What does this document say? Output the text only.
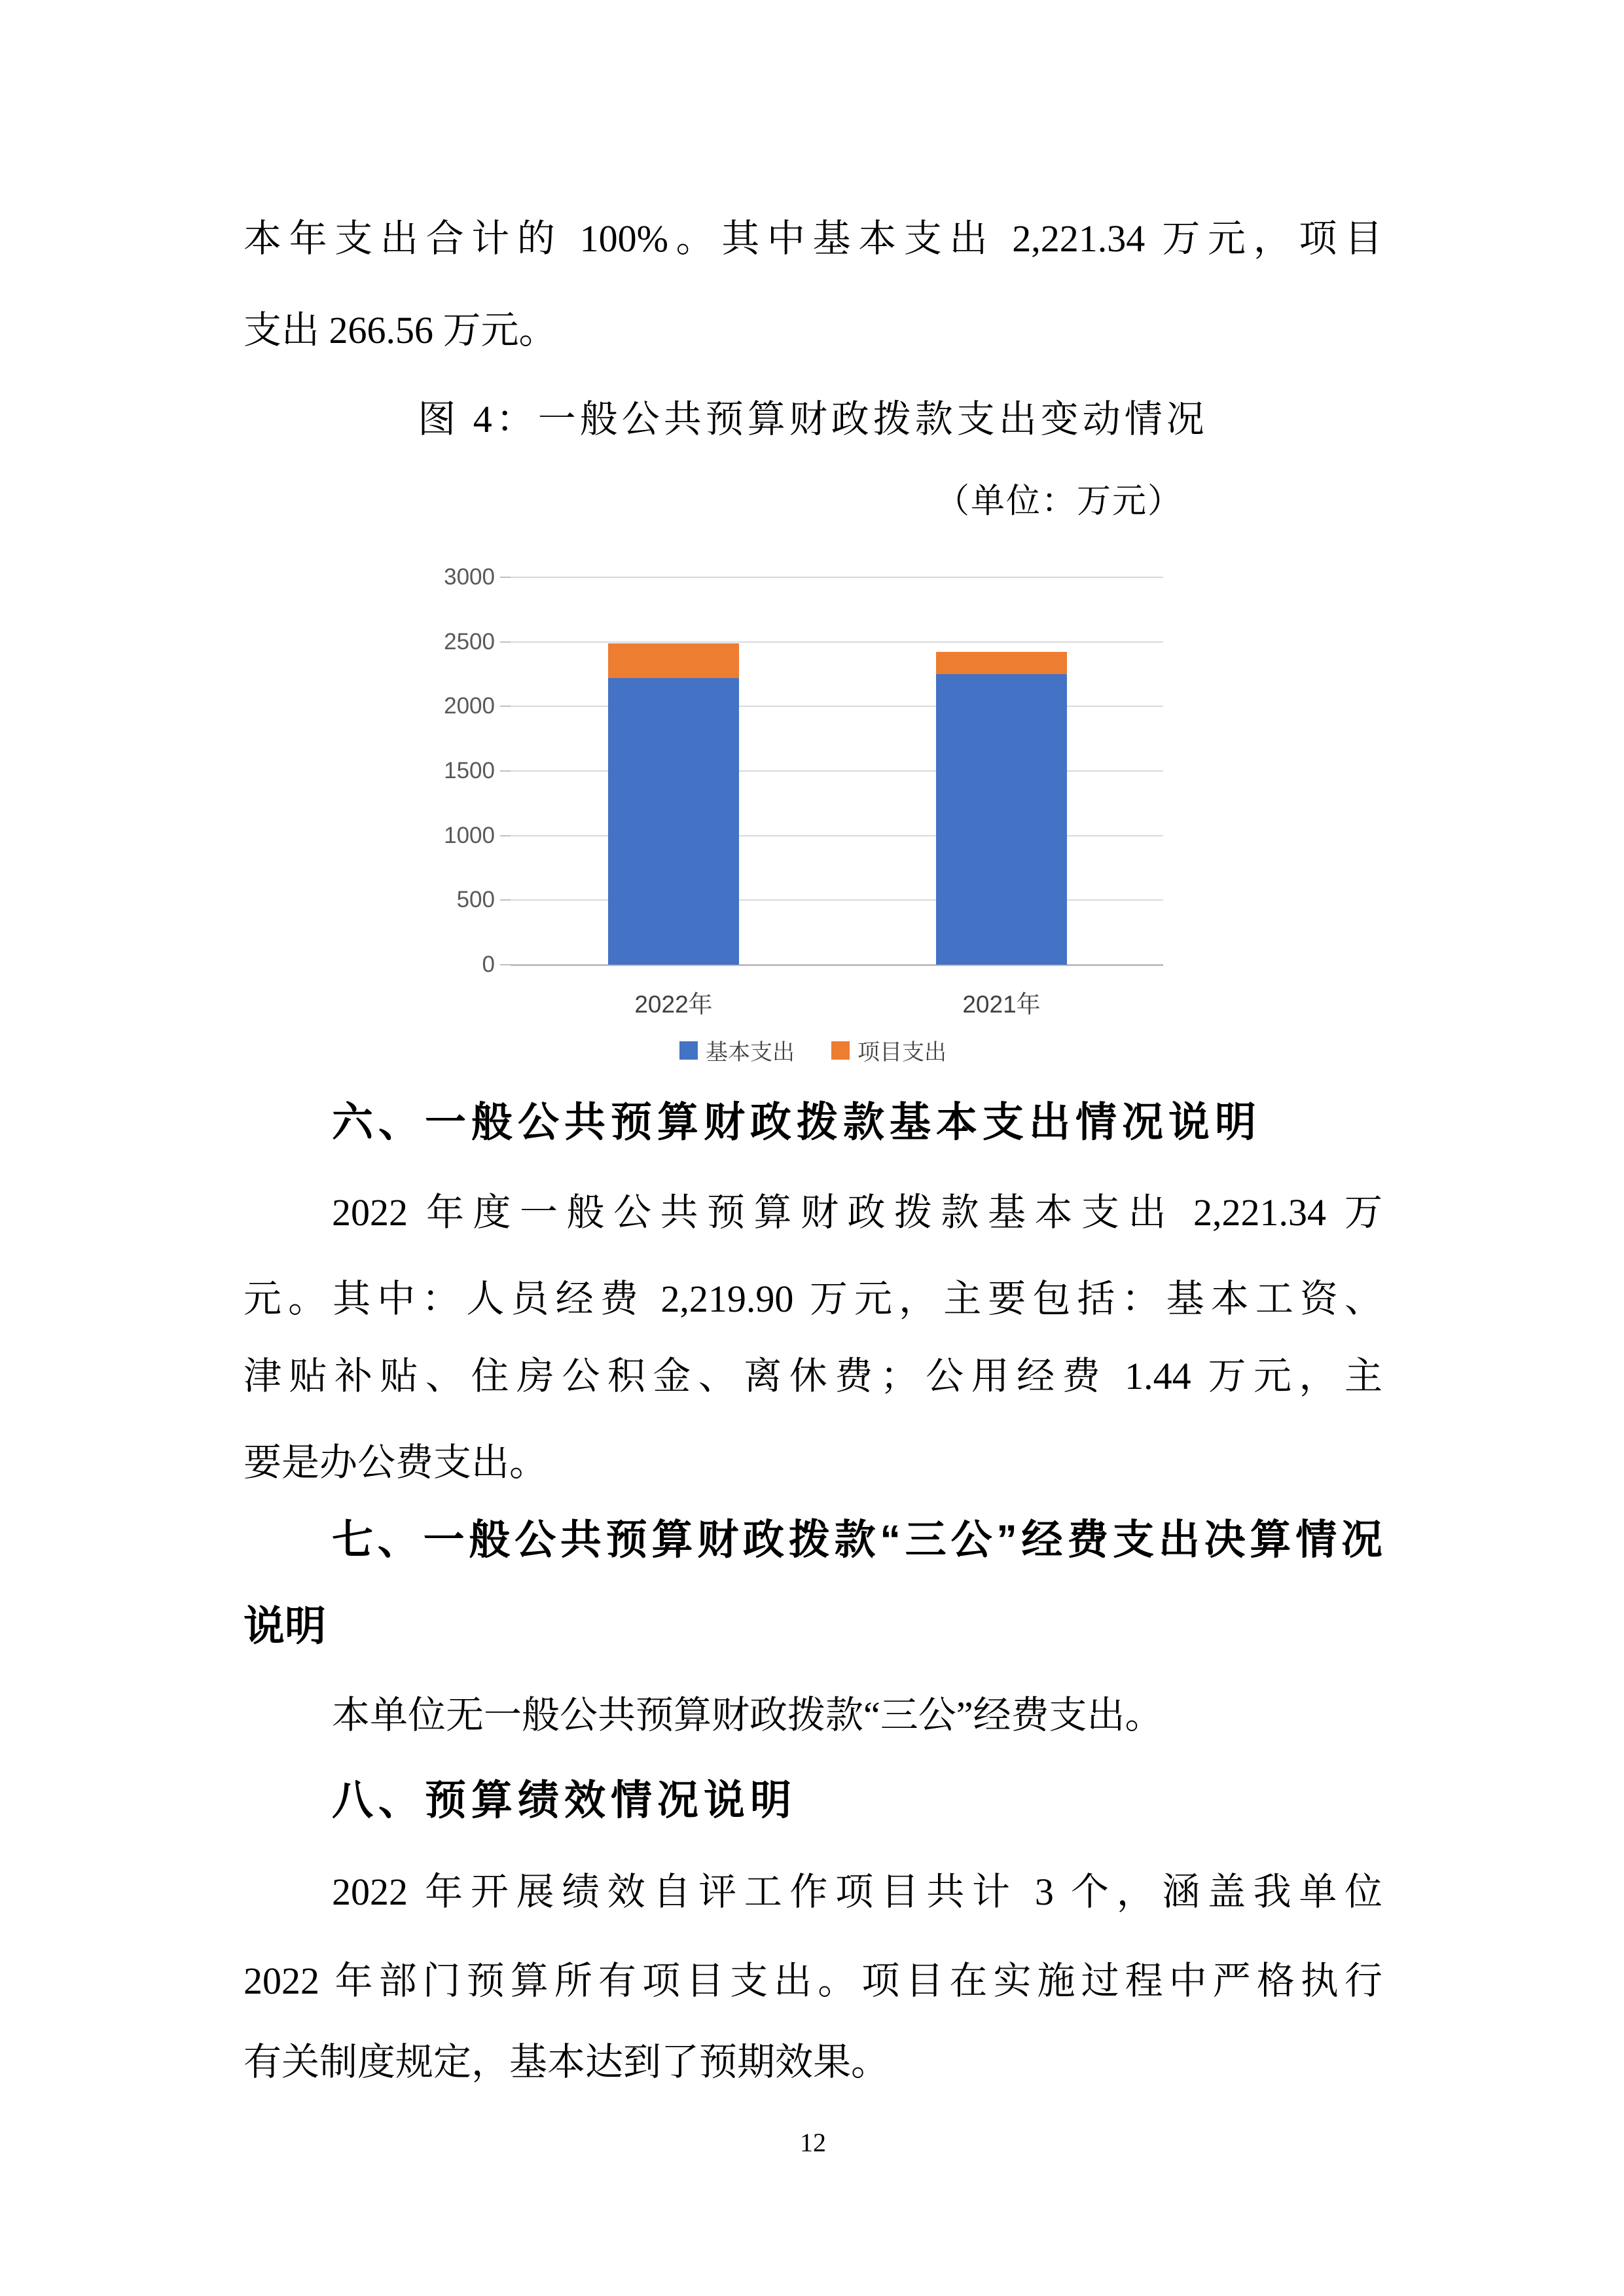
本年支出合计的 100%。其中基本支出 2,221.34 万元，项目
支出 266.56 万元。
图 4：一般公共预算财政拨款支出变动情况
（单位：万元）
0
500
1000
1500
2000
2500
3000
2022年	2021年
基本支出	项目支出
六、一般公共预算财政拨款基本支出情况说明
2022 年度一般公共预算财政拨款基本支出 2,221.34 万
元。其中：人员经费 2,219.90 万元，主要包括：基本工资、
津贴补贴、住房公积金、离休费；公用经费 1.44 万元，主
要是办公费支出。
七、一般公共预算财政拨款“三公”经费支出决算情况
说明
本单位无一般公共预算财政拨款“三公”经费支出。
八、预算绩效情况说明
2022 年开展绩效自评工作项目共计 3 个，涵盖我单位
2022 年部门预算所有项目支出。项目在实施过程中严格执行
有关制度规定，基本达到了预期效果。
12
